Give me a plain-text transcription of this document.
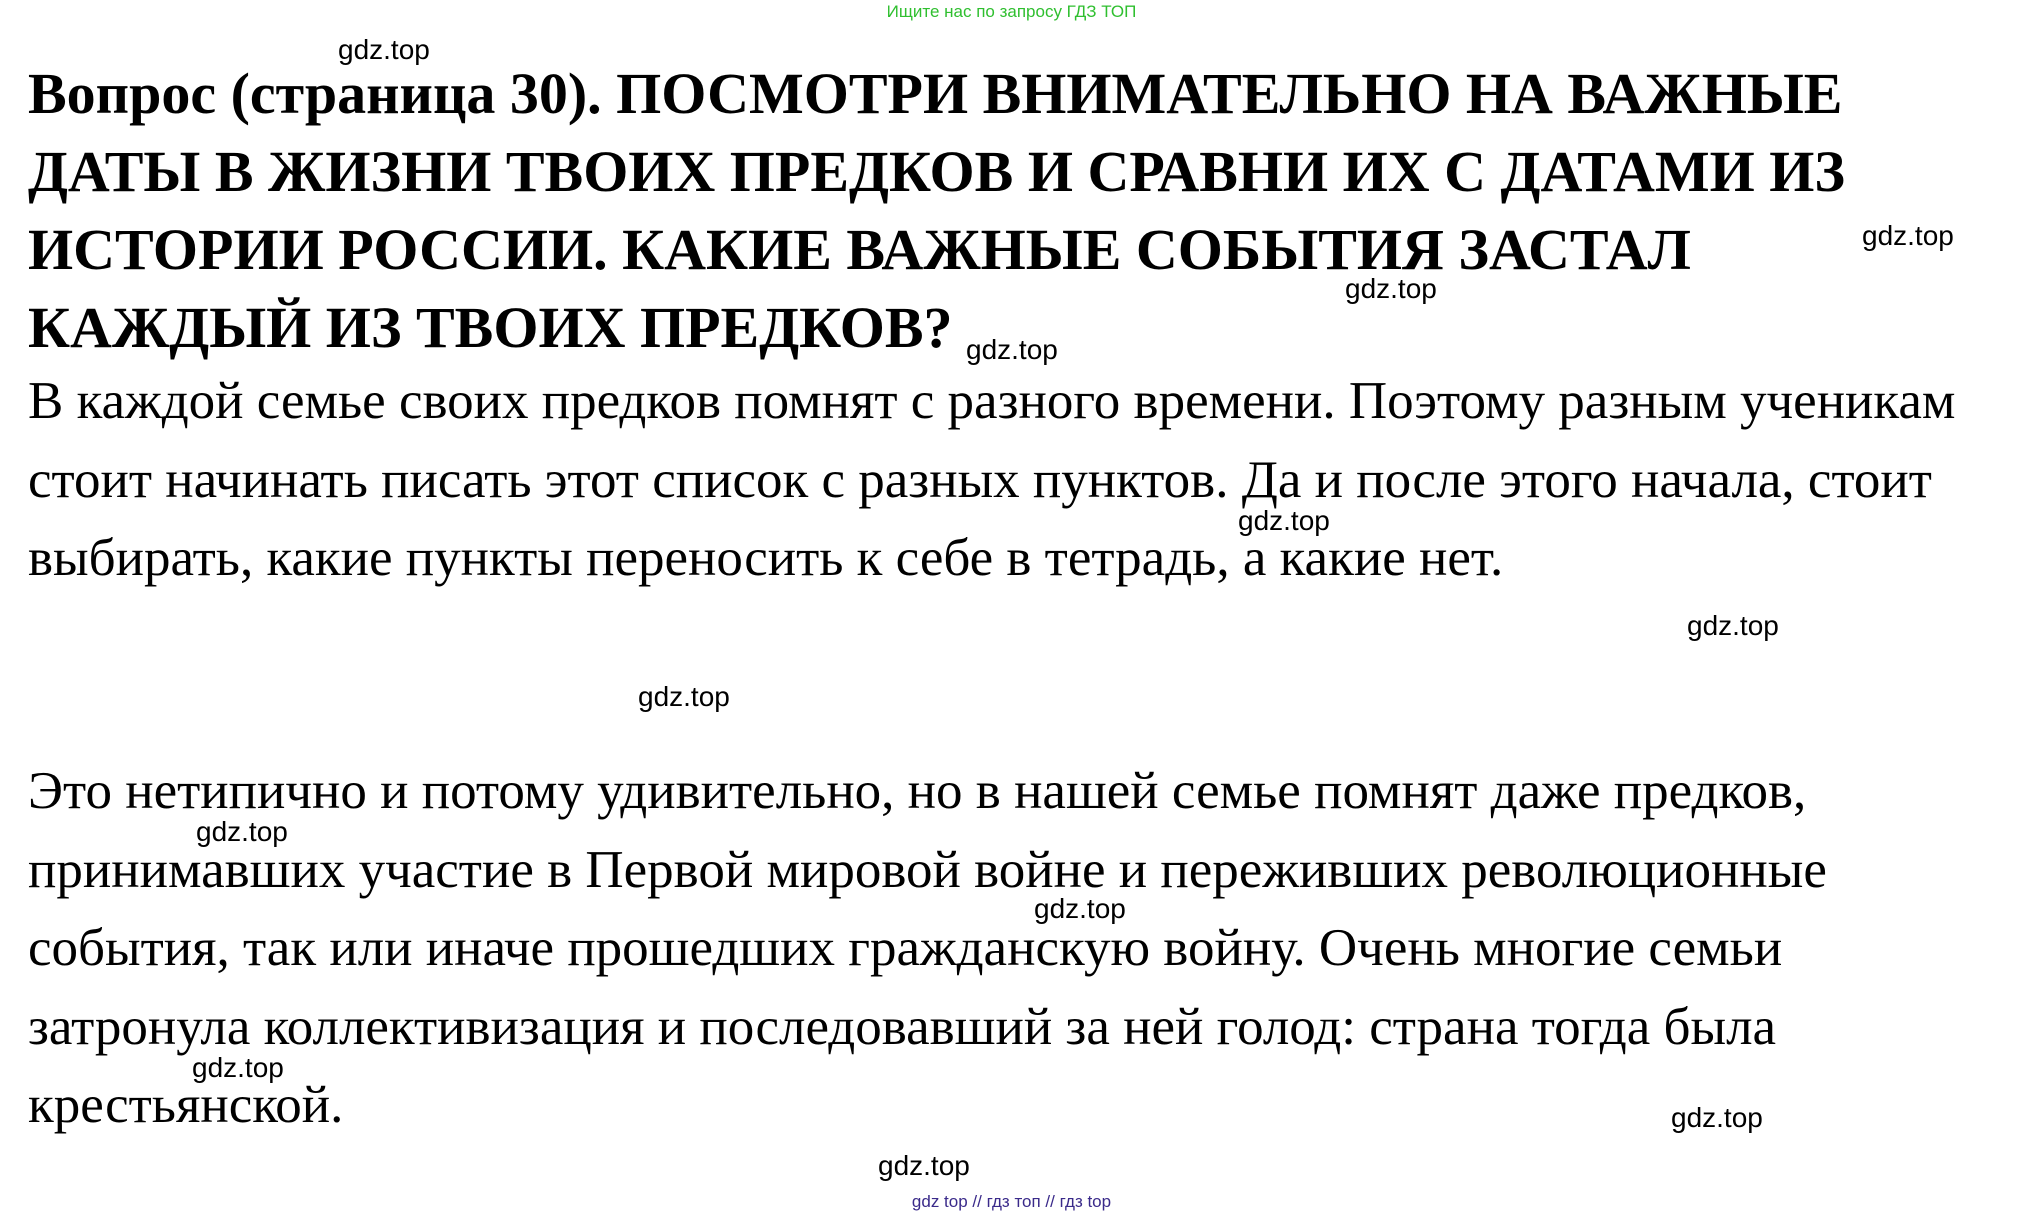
Ищите нас по запросу ГДЗ ТОП

Вопрос (страница 30). ПОСМОТРИ ВНИМАТЕЛЬНО НА ВАЖНЫЕ ДАТЫ В ЖИЗНИ ТВОИХ ПРЕДКОВ И СРАВНИ ИХ С ДАТАМИ ИЗ ИСТОРИИ РОССИИ. КАКИЕ ВАЖНЫЕ СОБЫТИЯ ЗАСТАЛ КАЖДЫЙ ИЗ ТВОИХ ПРЕДКОВ?

В каждой семье своих предков помнят с разного времени. Поэтому разным ученикам стоит начинать писать этот список с разных пунктов. Да и после этого начала, стоит выбирать, какие пункты переносить к себе в тетрадь, а какие нет.

Это нетипично и потому удивительно, но в нашей семье помнят даже предков, принимавших участие в Первой мировой войне и переживших революционные события, так или иначе прошедших гражданскую войну. Очень многие семьи затронула коллективизация и последовавший за ней голод: страна тогда была крестьянской.

gdz.top
gdz.top
gdz.top
gdz.top
gdz.top
gdz.top
gdz.top
gdz.top
gdz.top
gdz.top
gdz.top
gdz.top
gdz top // гдз топ // гдз top
